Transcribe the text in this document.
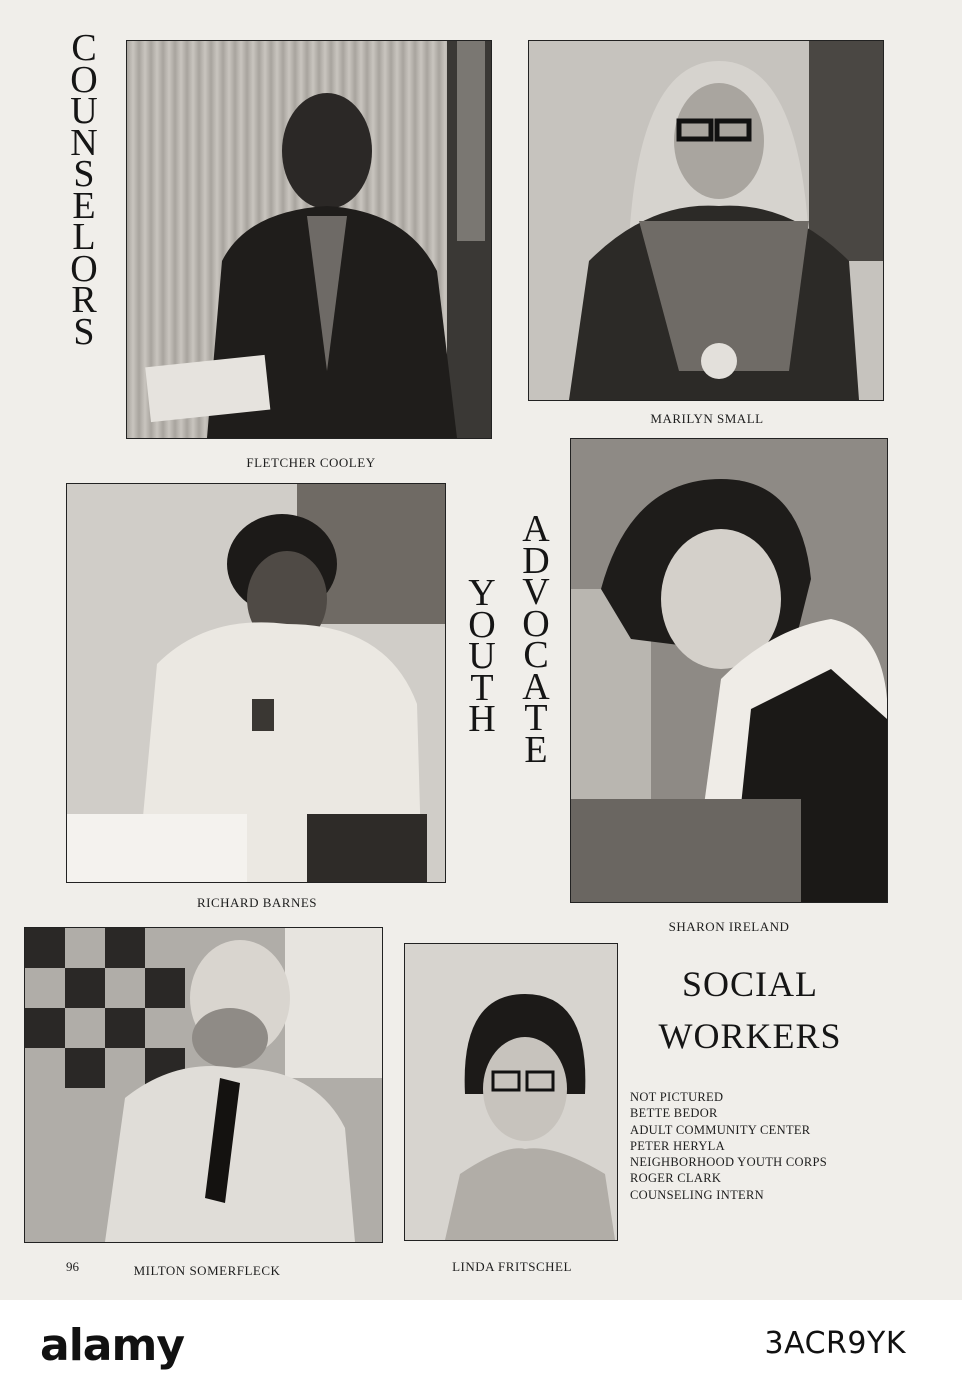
C
O
U
N
S
E
L
O
R
S
FLETCHER COOLEY
MARILYN SMALL
RICHARD BARNES
Y
O
U
T
H
A
D
V
O
C
A
T
E
SHARON IRELAND
MILTON SOMERFLECK
96	LINDA FRITSCHEL
SOCIAL
WORKERS
NOT PICTURED
BETTE BEDOR
ADULT COMMUNITY CENTER
PETER HERYLA
NEIGHBORHOOD YOUTH CORPS
ROGER CLARK
COUNSELING INTERN
alamy	3ACR9YK
